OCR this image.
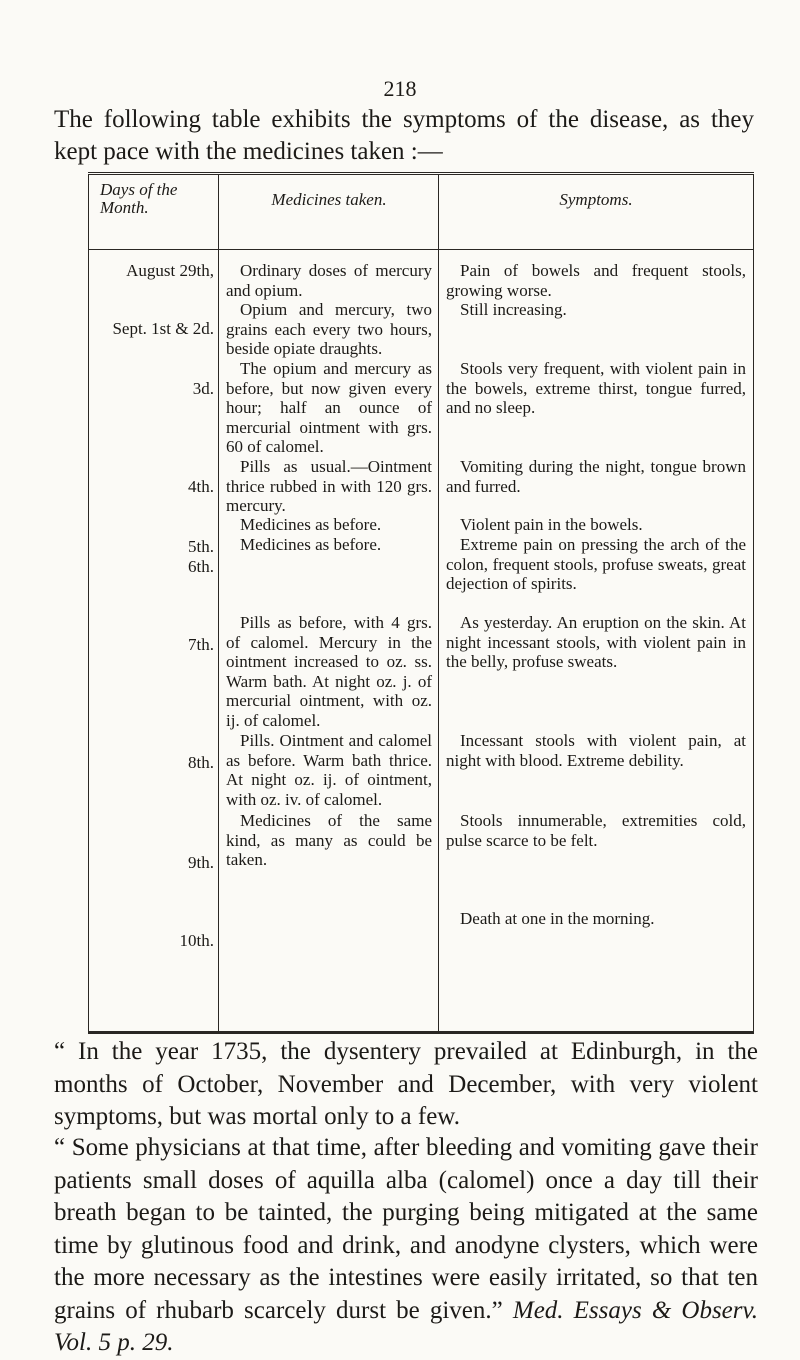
218
The following table exhibits the symptoms of the disease, as they kept pace with the medicines taken :—
Days of the Month.	Medicines taken.	Symptoms.
August 29th,
Sept. 1st & 2d.
3d.
4th.
5th.
6th.
7th.
8th.
9th.
10th.
Ordinary doses of mercury and opium.
Opium and mercury, two grains each every two hours, beside opiate draughts.
The opium and mercury as before, but now given every hour; half an ounce of mercurial ointment with grs. 60 of calomel.
Pills as usual.—Ointment thrice rubbed in with 120 grs. mercury.
Medicines as before.
Medicines as before.
Pills as before, with 4 grs. of calomel. Mercury in the ointment increased to oz. ss. Warm bath. At night oz. j. of mercurial ointment, with oz. ij. of calomel.
Pills. Ointment and calomel as before. Warm bath thrice. At night oz. ij. of ointment, with oz. iv. of calomel.
Medicines of the same kind, as many as could be taken.
Pain of bowels and frequent stools, growing worse.
Still increasing.
Stools very frequent, with violent pain in the bowels, extreme thirst, tongue furred, and no sleep.
Vomiting during the night, tongue brown and furred.
Violent pain in the bowels.
Extreme pain on pressing the arch of the colon, frequent stools, profuse sweats, great dejection of spirits.
As yesterday. An eruption on the skin. At night incessant stools, with violent pain in the belly, profuse sweats.
Incessant stools with violent pain, at night with blood. Extreme debility.
Stools innumerable, extremities cold, pulse scarce to be felt.
Death at one in the morning.
“ In the year 1735, the dysentery prevailed at Edinburgh, in the months of October, November and December, with very violent symptoms, but was mortal only to a few.
“ Some physicians at that time, after bleeding and vomiting gave their patients small doses of aquilla alba (calomel) once a day till their breath began to be tainted, the purging being mitigated at the same time by glutinous food and drink, and anodyne clysters, which were the more necessary as the intestines were easily irritated, so that ten grains of rhubarb scarcely durst be given.” Med. Essays & Observ. Vol. 5 p. 29.
